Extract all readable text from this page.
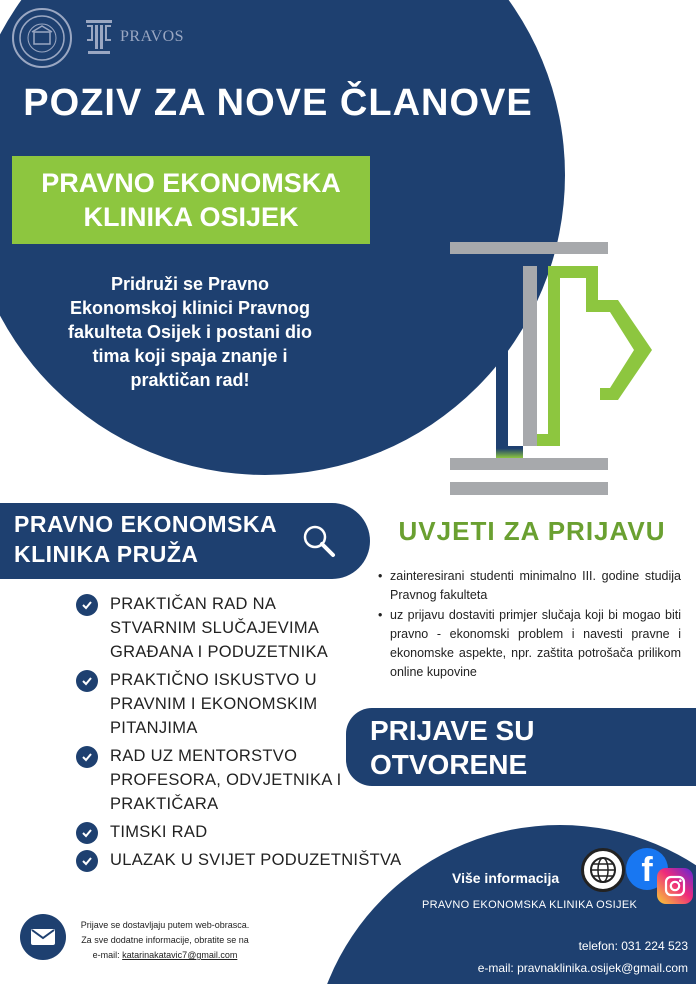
PRAVOS
POZIV ZA NOVE ČLANOVE
PRAVNO EKONOMSKA
KLINIKA OSIJEK
Pridruži se Pravno
Ekonomskoj klinici Pravnog
fakulteta Osijek i postani dio
tima koji spaja znanje i
praktičan rad!
PRAVNO EKONOMSKA
KLINIKA PRUŽA
UVJETI ZA PRIJAVU
• zainteresirani studenti minimalno III. godine studija Pravnog fakulteta
• uz prijavu dostaviti primjer slučaja koji bi mogao biti pravno - ekonomski problem i navesti pravne i ekonomske aspekte, npr. zaštita potrošača prilikom online kupovine
PRIJAVE SU OTVORENE
DO 15.10.2025.
PRAKTIČAN RAD NA
STVARNIM SLUČAJEVIMA
GRAĐANA I PODUZETNIKA
PRAKTIČNO ISKUSTVO U
PRAVNIM I EKONOMSKIM
PITANJIMA
RAD UZ MENTORSTVO
PROFESORA, ODVJETNIKA I
PRAKTIČARA
TIMSKI RAD
ULAZAK U SVIJET PODUZETNIŠTVA
Prijave se dostavljaju putem web-obrasca.
Za sve dodatne informacije, obratite se na
e-mail: katarinakatavic7@gmail.com
f
Više informacija
PRAVNO EKONOMSKA KLINIKA OSIJEK
telefon: 031 224 523
e-mail: pravnaklinika.osijek@gmail.com
